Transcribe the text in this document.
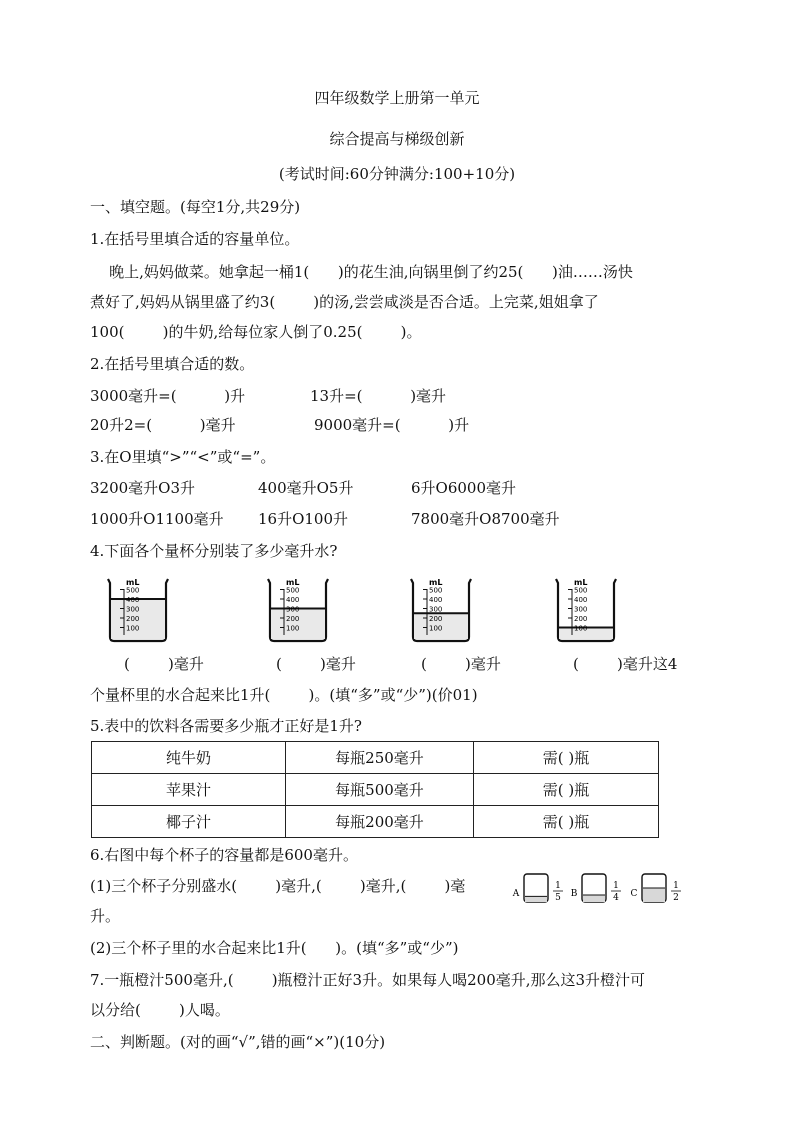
四年级数学上册第一单元
综合提高与梯级创新
(考试时间:60分钟满分:100+10分)
一、填空题。(每空1分,共29分)
1.在括号里填合适的容量单位。
晚上,妈妈做菜。她拿起一桶1(      )的花生油,向锅里倒了约25(      )油……汤快
煮好了,妈妈从锅里盛了约3(        )的汤,尝尝咸淡是否合适。上完菜,姐姐拿了
100(        )的牛奶,给每位家人倒了0.25(        )。
2.在括号里填合适的数。
3000毫升=(          )升	13升=(          )毫升
20升2=(          )毫升	9000毫升=(          )升
3.在O里填“>”“<”或“=”。
3200毫升O3升	400毫升O5升	6升O6000毫升
1000升O1100毫升 16升O100升	7800毫升O8700毫升
4.下面各个量杯分别装了多少毫升水?
mL
500
400
300
200
100
mL
500
400
300
200
100
mL
500
400
300
200
100
mL
500
400
300
200
100
(        )毫升	(        )毫升	(        )毫升	(        )毫升这4
个量杯里的水合起来比1升(        )。(填“多”或“少”)(价01)
5.表中的饮料各需要多少瓶才正好是1升?
纯牛奶	每瓶250毫升	需( )瓶
苹果汁	每瓶500毫升	需( )瓶
椰子汁	每瓶200毫升	需( )瓶
6.右图中每个杯子的容量都是600毫升。
(1)三个杯子分别盛水(        )毫升,(        )毫升,(        )毫
升。
(2)三个杯子里的水合起来比1升(      )。(填“多”或“少”)
A
1
5 B
1
4 C
1
2
7.一瓶橙汁500毫升,(        )瓶橙汁正好3升。如果每人喝200毫升,那么这3升橙汁可
以分给(        )人喝。
二、判断题。(对的画“√”,错的画“×”)(10分)
